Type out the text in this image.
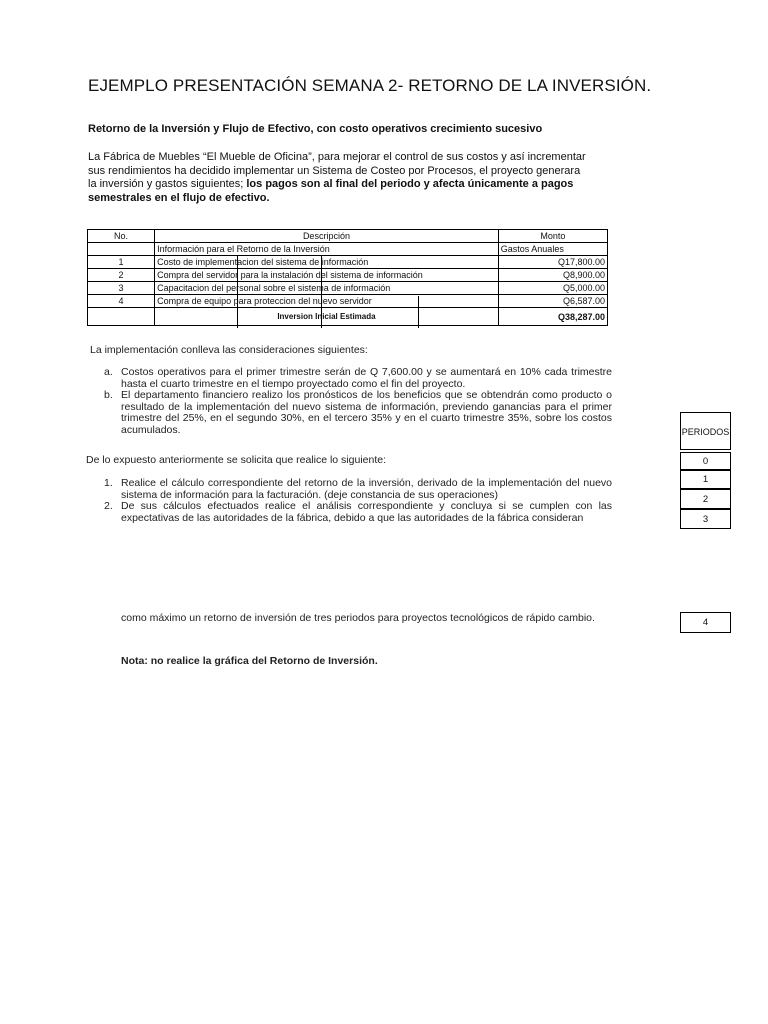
EJEMPLO PRESENTACIÓN SEMANA 2- RETORNO DE LA INVERSIÓN.
Retorno de la Inversión y Flujo de Efectivo, con costo operativos crecimiento sucesivo
La Fábrica de Muebles “El Mueble de Oficina”, para mejorar el control de sus costos y así incrementar sus rendimientos ha decidido implementar un Sistema de Costeo por Procesos, el proyecto generara la inversión y gastos siguientes; los pagos son al final del periodo y afecta únicamente a pagos semestrales en el flujo de efectivo.
No.	Descripción	Monto
	Información para el Retorno de la Inversión	Gastos Anuales
1	Costo de implementacion del sistema de información	Q17,800.00
2	Compra del servidor para la instalación del sistema de información	Q8,900.00
3	Capacitacion del personal sobre el sistema de información	Q5,000.00
4	Compra de equipo para proteccion del nuevo servidor	Q6,587.00
	Inversion Inicial Estimada	Q38,287.00
La implementación conlleva las consideraciones siguientes:
a. Costos operativos para el primer trimestre serán de Q 7,600.00 y se aumentará en 10% cada trimestre hasta el cuarto trimestre en el tiempo proyectado como el fin del proyecto.
b. El departamento financiero realizo los pronósticos de los beneficios que se obtendrán como producto o resultado de la implementación del nuevo sistema de información, previendo ganancias para el primer trimestre del 25%, en el segundo 30%, en el tercero 35% y en el cuarto trimestre 35%, sobre los costos acumulados.
De lo expuesto anteriormente se solicita que realice lo siguiente:
1. Realice el cálculo correspondiente del retorno de la inversión, derivado de la implementación del nuevo sistema de información para la facturación. (deje constancia de sus operaciones)
2. De sus cálculos efectuados realice el análisis correspondiente y concluya si se cumplen con las expectativas de las autoridades de la fábrica, debido a que las autoridades de la fábrica consideran
como máximo un retorno de inversión de tres periodos para proyectos tecnológicos de rápido cambio.
Nota: no realice la gráfica del Retorno de Inversión.
PERIODOS
0
1
2
3
4
